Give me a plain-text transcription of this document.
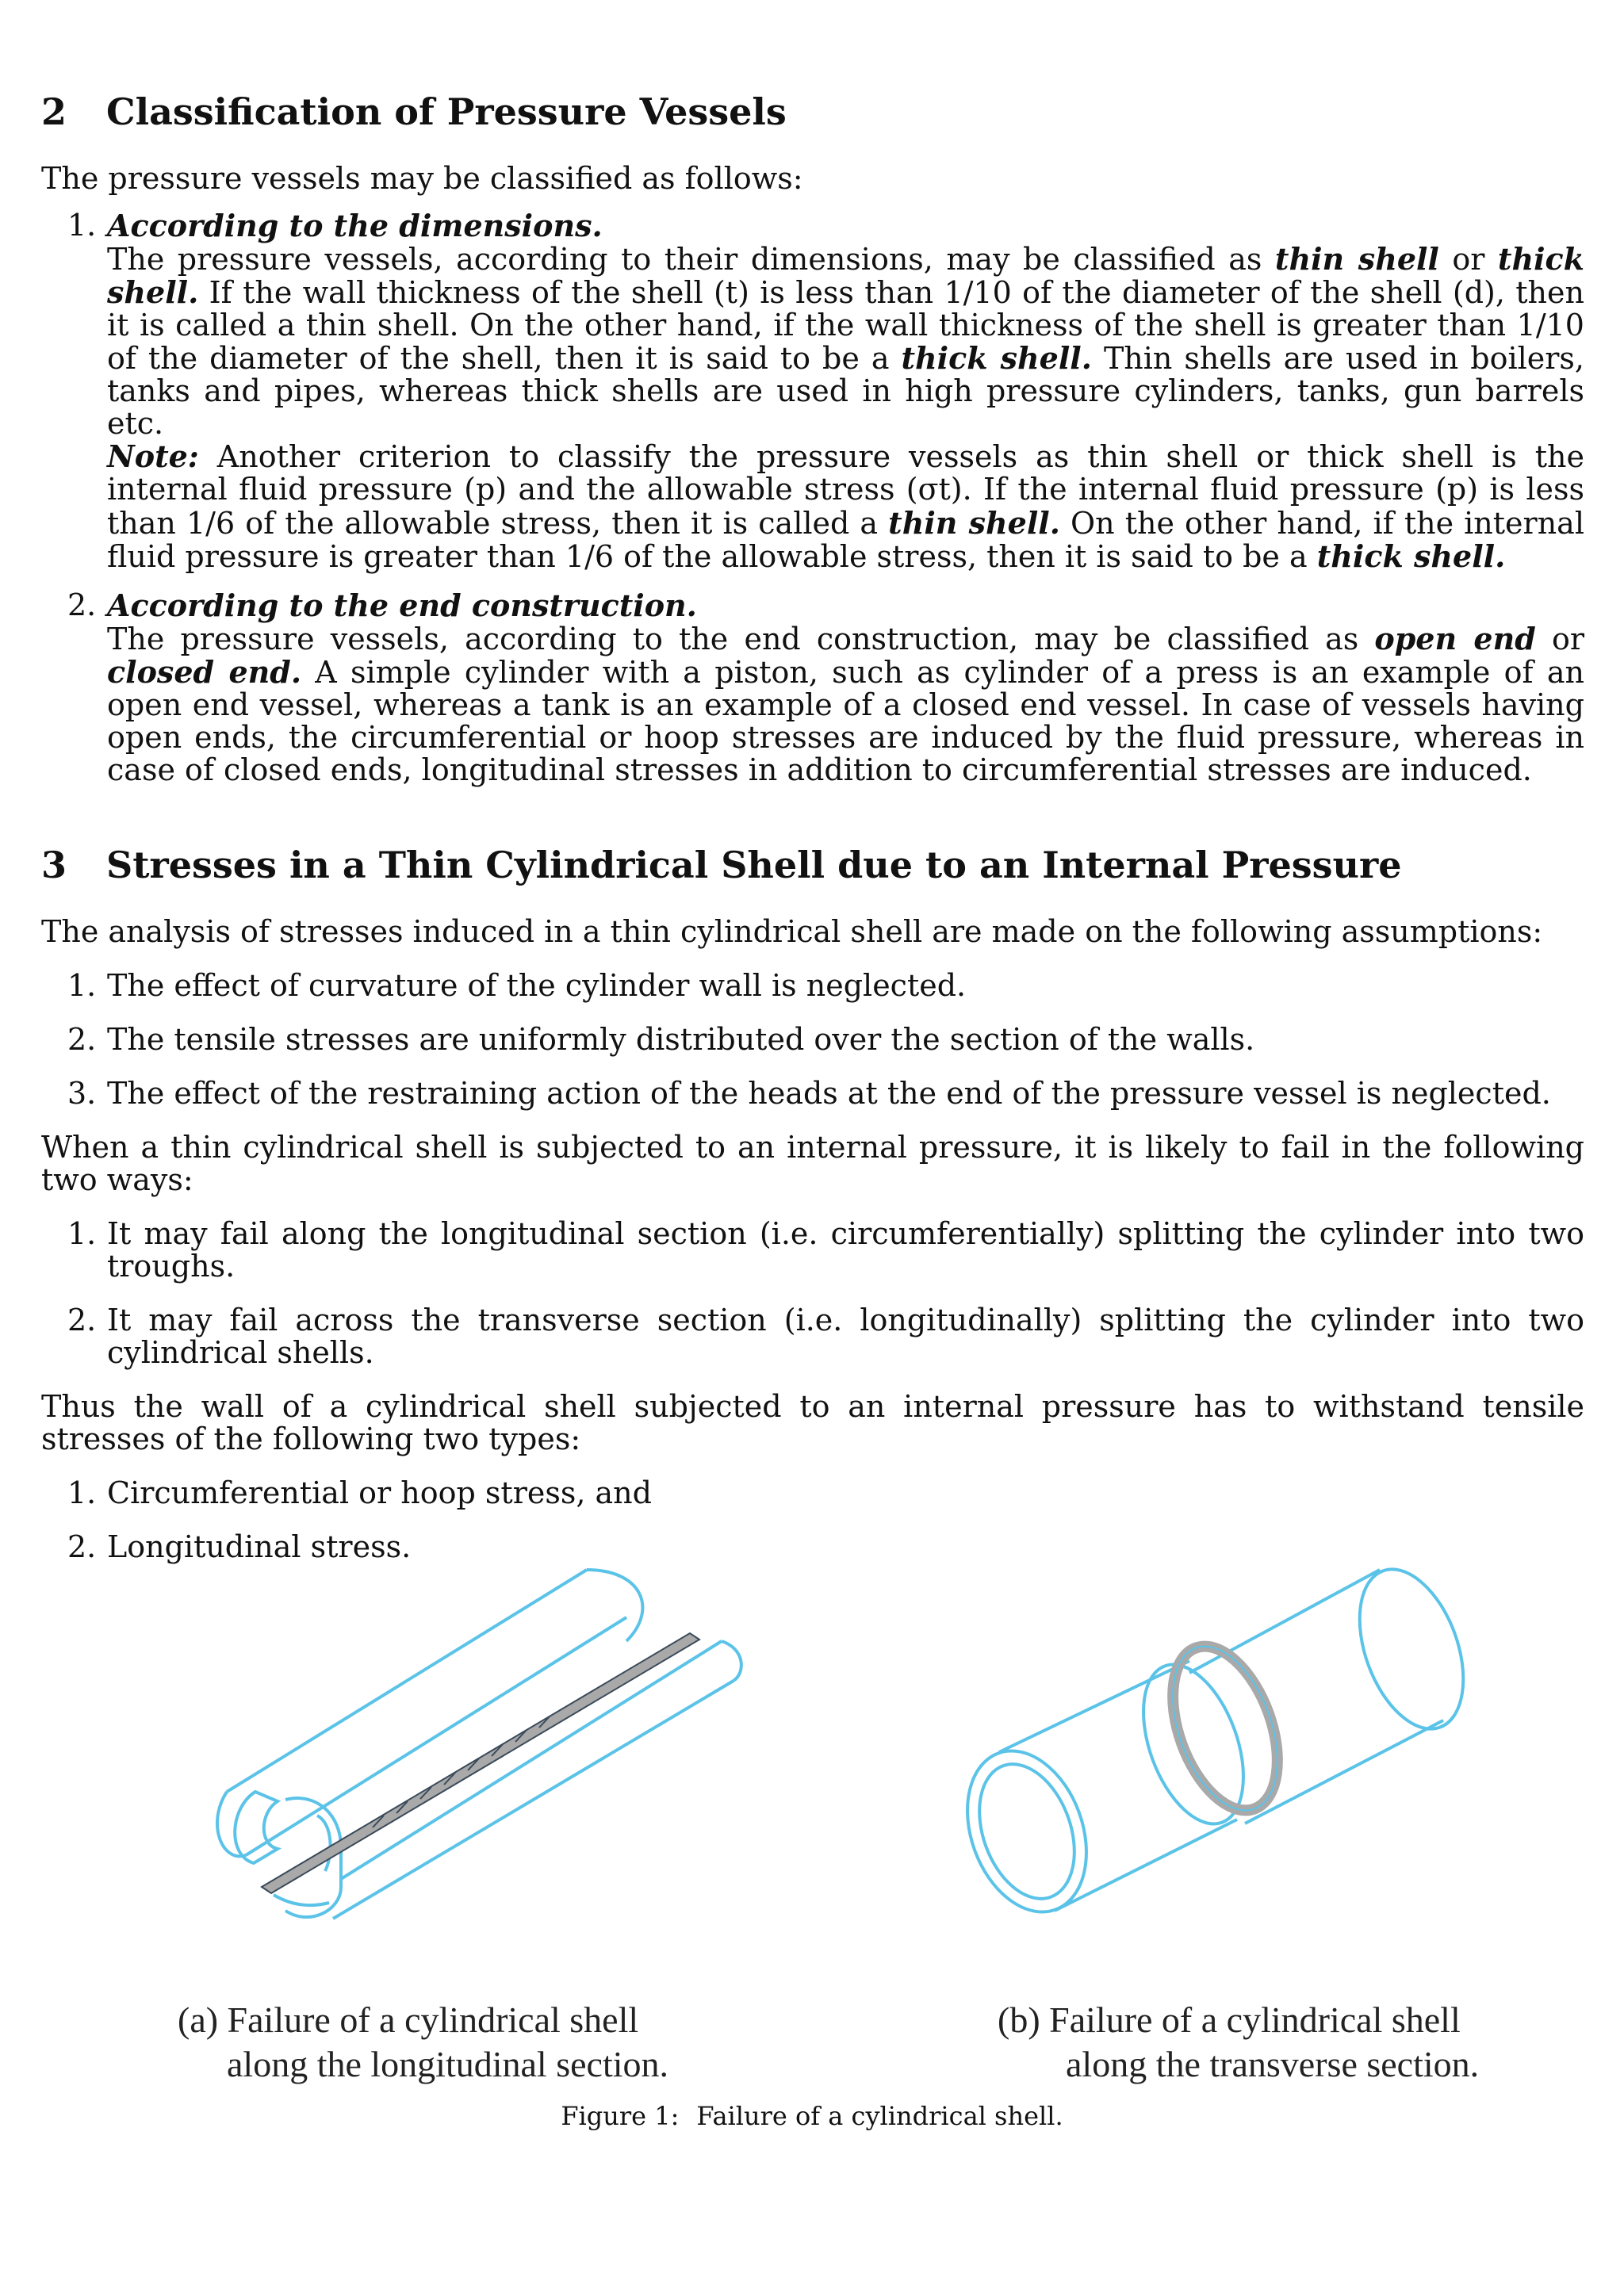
2 Classification of Pressure Vessels

The pressure vessels may be classified as follows:

1. According to the dimensions.
The pressure vessels, according to their dimensions, may be classified as thin shell or thick shell. If the wall thickness of the shell (t) is less than 1/10 of the diameter of the shell (d), then it is called a thin shell. On the other hand, if the wall thickness of the shell is greater than 1/10 of the diameter of the shell, then it is said to be a thick shell. Thin shells are used in boilers, tanks and pipes, whereas thick shells are used in high pressure cylinders, tanks, gun barrels etc.
Note: Another criterion to classify the pressure vessels as thin shell or thick shell is the internal fluid pressure (p) and the allowable stress (σt). If the internal fluid pressure (p) is less than 1/6 of the allowable stress, then it is called a thin shell. On the other hand, if the internal fluid pressure is greater than 1/6 of the allowable stress, then it is said to be a thick shell.
2. According to the end construction.
The pressure vessels, according to the end construction, may be classified as open end or closed end. A simple cylinder with a piston, such as cylinder of a press is an example of an open end vessel, whereas a tank is an example of a closed end vessel. In case of vessels having open ends, the circumferential or hoop stresses are induced by the fluid pressure, whereas in case of closed ends, longitudinal stresses in addition to circumferential stresses are induced.
3 Stresses in a Thin Cylindrical Shell due to an Internal Pressure

The analysis of stresses induced in a thin cylindrical shell are made on the following assumptions:

1. The effect of curvature of the cylinder wall is neglected.
2. The tensile stresses are uniformly distributed over the section of the walls.
3. The effect of the restraining action of the heads at the end of the pressure vessel is neglected.

When a thin cylindrical shell is subjected to an internal pressure, it is likely to fail in the following two ways:

1. It may fail along the longitudinal section (i.e. circumferentially) splitting the cylinder into two troughs.
2. It may fail across the transverse section (i.e. longitudinally) splitting the cylinder into two cylindrical shells.

Thus the wall of a cylindrical shell subjected to an internal pressure has to withstand tensile stresses of the following two types:

1. Circumferential or hoop stress, and
2. Longitudinal stress.

(a) Failure of a cylindrical shell

along the longitudinal section.

(b) Failure of a cylindrical shell

along the transverse section.

Figure 1: Failure of a cylindrical shell.
